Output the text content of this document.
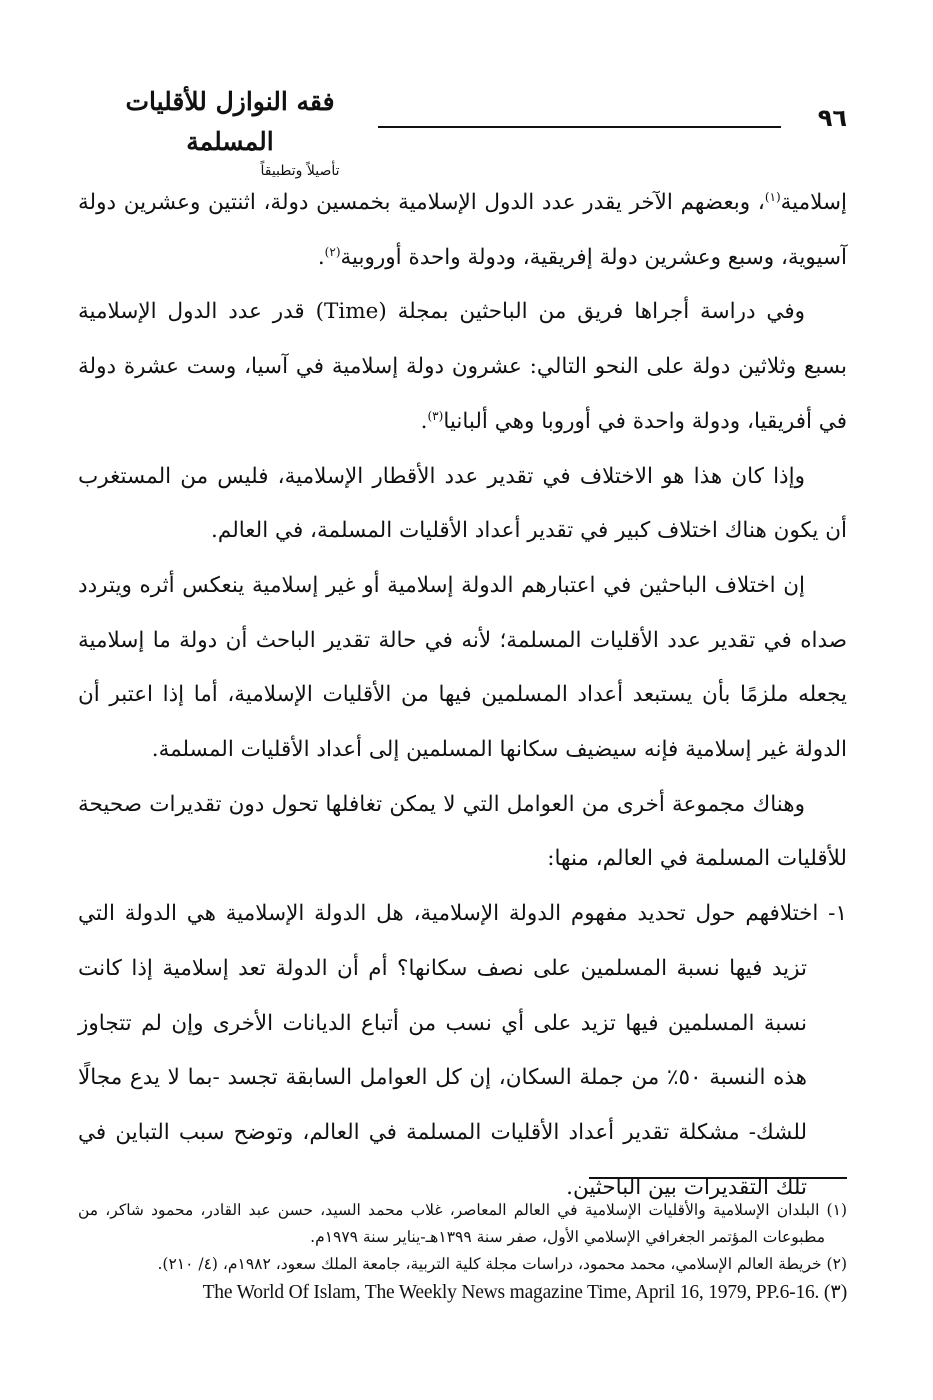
فقه النوازل للأقليات المسلمة
تأصيلاً وتطبيقاً
٩٦

إسلامية$^{(١)}$، وبعضهم الآخر يقدر عدد الدول الإسلامية بخمسين دولة، اثنتين وعشرين دولة آسيوية، وسبع وعشرين دولة إفريقية، ودولة واحدة أوروبية$^{(٢)}$.

وفي دراسة أجراها فريق من الباحثين بمجلة (Time) قدر عدد الدول الإسلامية بسبع وثلاثين دولة على النحو التالي: عشرون دولة إسلامية في آسيا، وست عشرة دولة في أفريقيا، ودولة واحدة في أوروبا وهي ألبانيا$^{(٣)}$.

وإذا كان هذا هو الاختلاف في تقدير عدد الأقطار الإسلامية، فليس من المستغرب أن يكون هناك اختلاف كبير في تقدير أعداد الأقليات المسلمة، في العالم.

إن اختلاف الباحثين في اعتبارهم الدولة إسلامية أو غير إسلامية ينعكس أثره ويتردد صداه في تقدير عدد الأقليات المسلمة؛ لأنه في حالة تقدير الباحث أن دولة ما إسلامية يجعله ملزمًا بأن يستبعد أعداد المسلمين فيها من الأقليات الإسلامية، أما إذا اعتبر أن الدولة غير إسلامية فإنه سيضيف سكانها المسلمين إلى أعداد الأقليات المسلمة.

وهناك مجموعة أخرى من العوامل التي لا يمكن تغافلها تحول دون تقديرات صحيحة للأقليات المسلمة في العالم، منها:

١- اختلافهم حول تحديد مفهوم الدولة الإسلامية، هل الدولة الإسلامية هي الدولة التي تزيد فيها نسبة المسلمين على نصف سكانها؟ أم أن الدولة تعد إسلامية إذا كانت نسبة المسلمين فيها تزيد على أي نسب من أتباع الديانات الأخرى وإن لم تتجاوز هذه النسبة ٥٠٪ من جملة السكان، إن كل العوامل السابقة تجسد -بما لا يدع مجالًا للشك- مشكلة تقدير أعداد الأقليات المسلمة في العالم، وتوضح سبب التباين في تلك التقديرات بين الباحثين.

(١) البلدان الإسلامية والأقليات الإسلامية في العالم المعاصر، غلاب محمد السيد، حسن عبد القادر، محمود شاكر، من مطبوعات المؤتمر الجغرافي الإسلامي الأول، صفر سنة ١٣٩٩هـ-يناير سنة ١٩٧٩م.

(٢) خريطة العالم الإسلامي، محمد محمود، دراسات مجلة كلية التربية، جامعة الملك سعود، ١٩٨٢م، (٤/ ٢١٠).

The World Of Islam, The Weekly News magazine Time, April 16, 1979, PP.6-16. (٣)
